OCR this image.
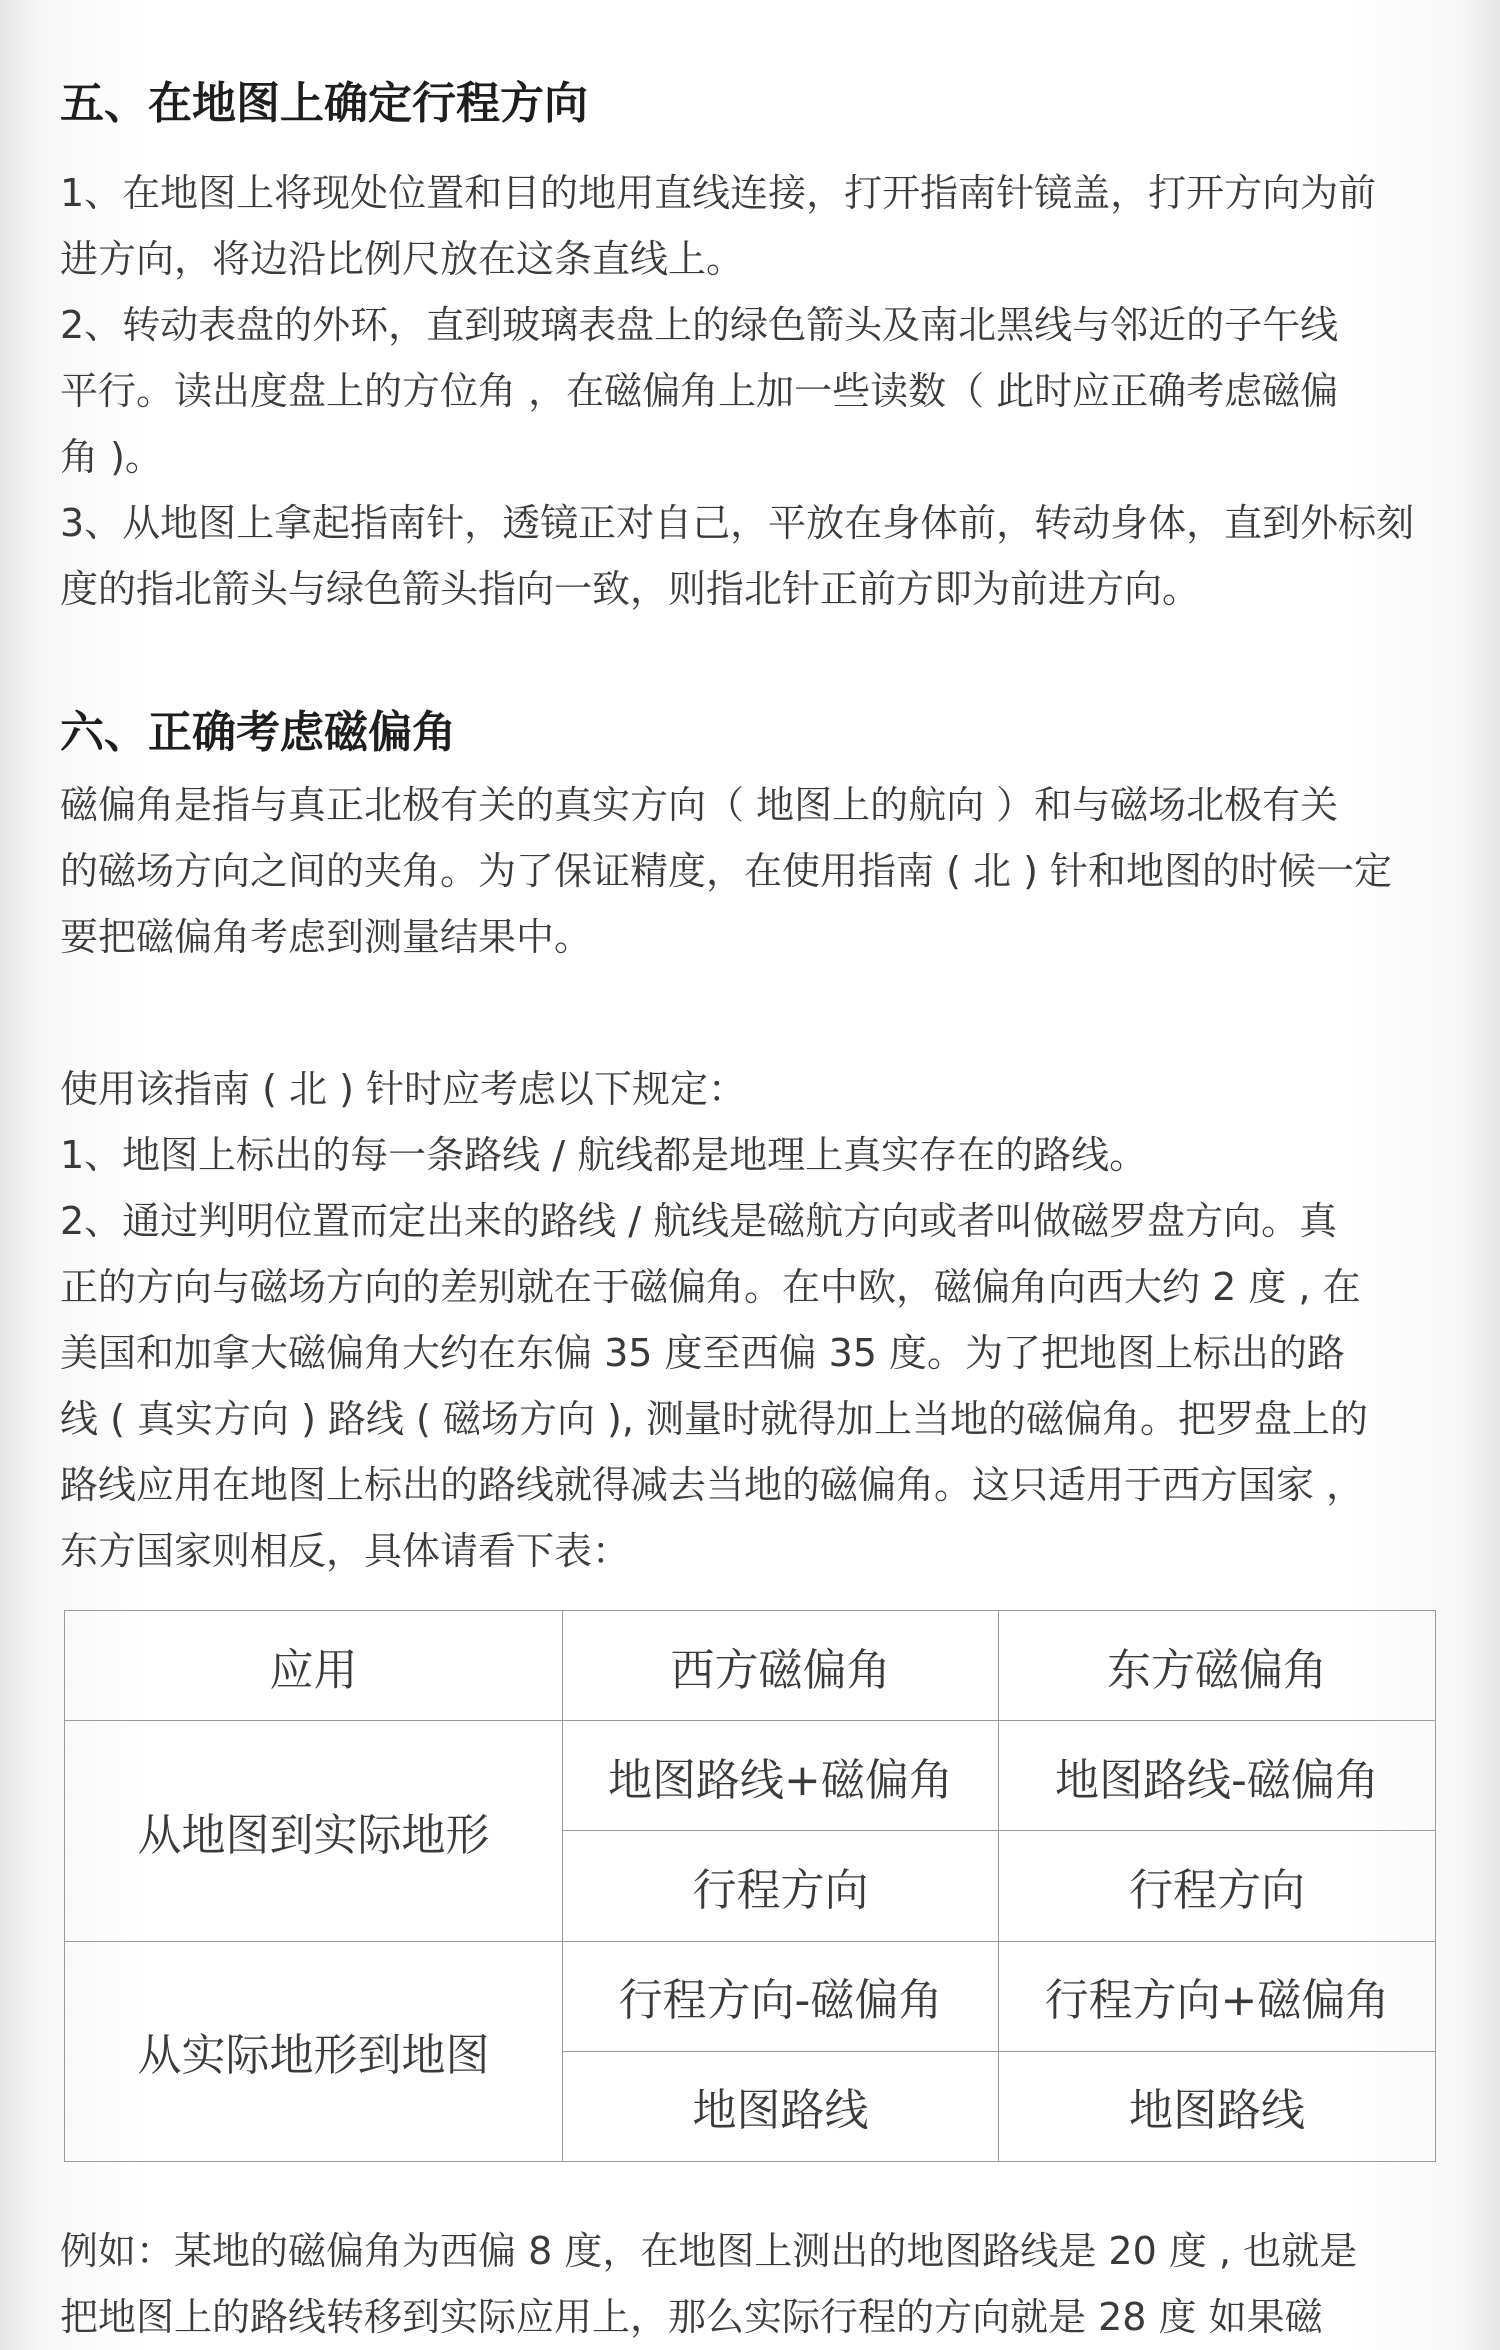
五、在地图上确定行程方向
1、在地图上将现处位置和目的地用直线连接，打开指南针镜盖，打开方向为前
进方向，将边沿比例尺放在这条直线上。
2、转动表盘的外环，直到玻璃表盘上的绿色箭头及南北黑线与邻近的子午线
平行。读出度盘上的方位角 ，在磁偏角上加一些读数（ 此时应正确考虑磁偏
角 )。
3、从地图上拿起指南针，透镜正对自己，平放在身体前，转动身体，直到外标刻
度的指北箭头与绿色箭头指向一致，则指北针正前方即为前进方向。
六、正确考虑磁偏角
磁偏角是指与真正北极有关的真实方向（ 地图上的航向 ）和与磁场北极有关
的磁场方向之间的夹角。为了保证精度，在使用指南 ( 北 ) 针和地图的时候一定
要把磁偏角考虑到测量结果中。
使用该指南 ( 北 ) 针时应考虑以下规定：
1、地图上标出的每一条路线 / 航线都是地理上真实存在的路线。
2、通过判明位置而定出来的路线 / 航线是磁航方向或者叫做磁罗盘方向。真
正的方向与磁场方向的差别就在于磁偏角。在中欧，磁偏角向西大约 2 度 , 在
美国和加拿大磁偏角大约在东偏 35 度至西偏 35 度。为了把地图上标出的路
线 ( 真实方向 ) 路线 ( 磁场方向 ), 测量时就得加上当地的磁偏角。把罗盘上的
路线应用在地图上标出的路线就得减去当地的磁偏角。这只适用于西方国家 ，
东方国家则相反，具体请看下表：
应用	西方磁偏角	东方磁偏角
从地图到实际地形	地图路线+磁偏角	地图路线-磁偏角
	行程方向	行程方向
从实际地形到地图	行程方向-磁偏角	行程方向+磁偏角
	地图路线	地图路线
例如：某地的磁偏角为西偏 8 度，在地图上测出的地图路线是 20 度 , 也就是
把地图上的路线转移到实际应用上，那么实际行程的方向就是 28 度 如果磁
